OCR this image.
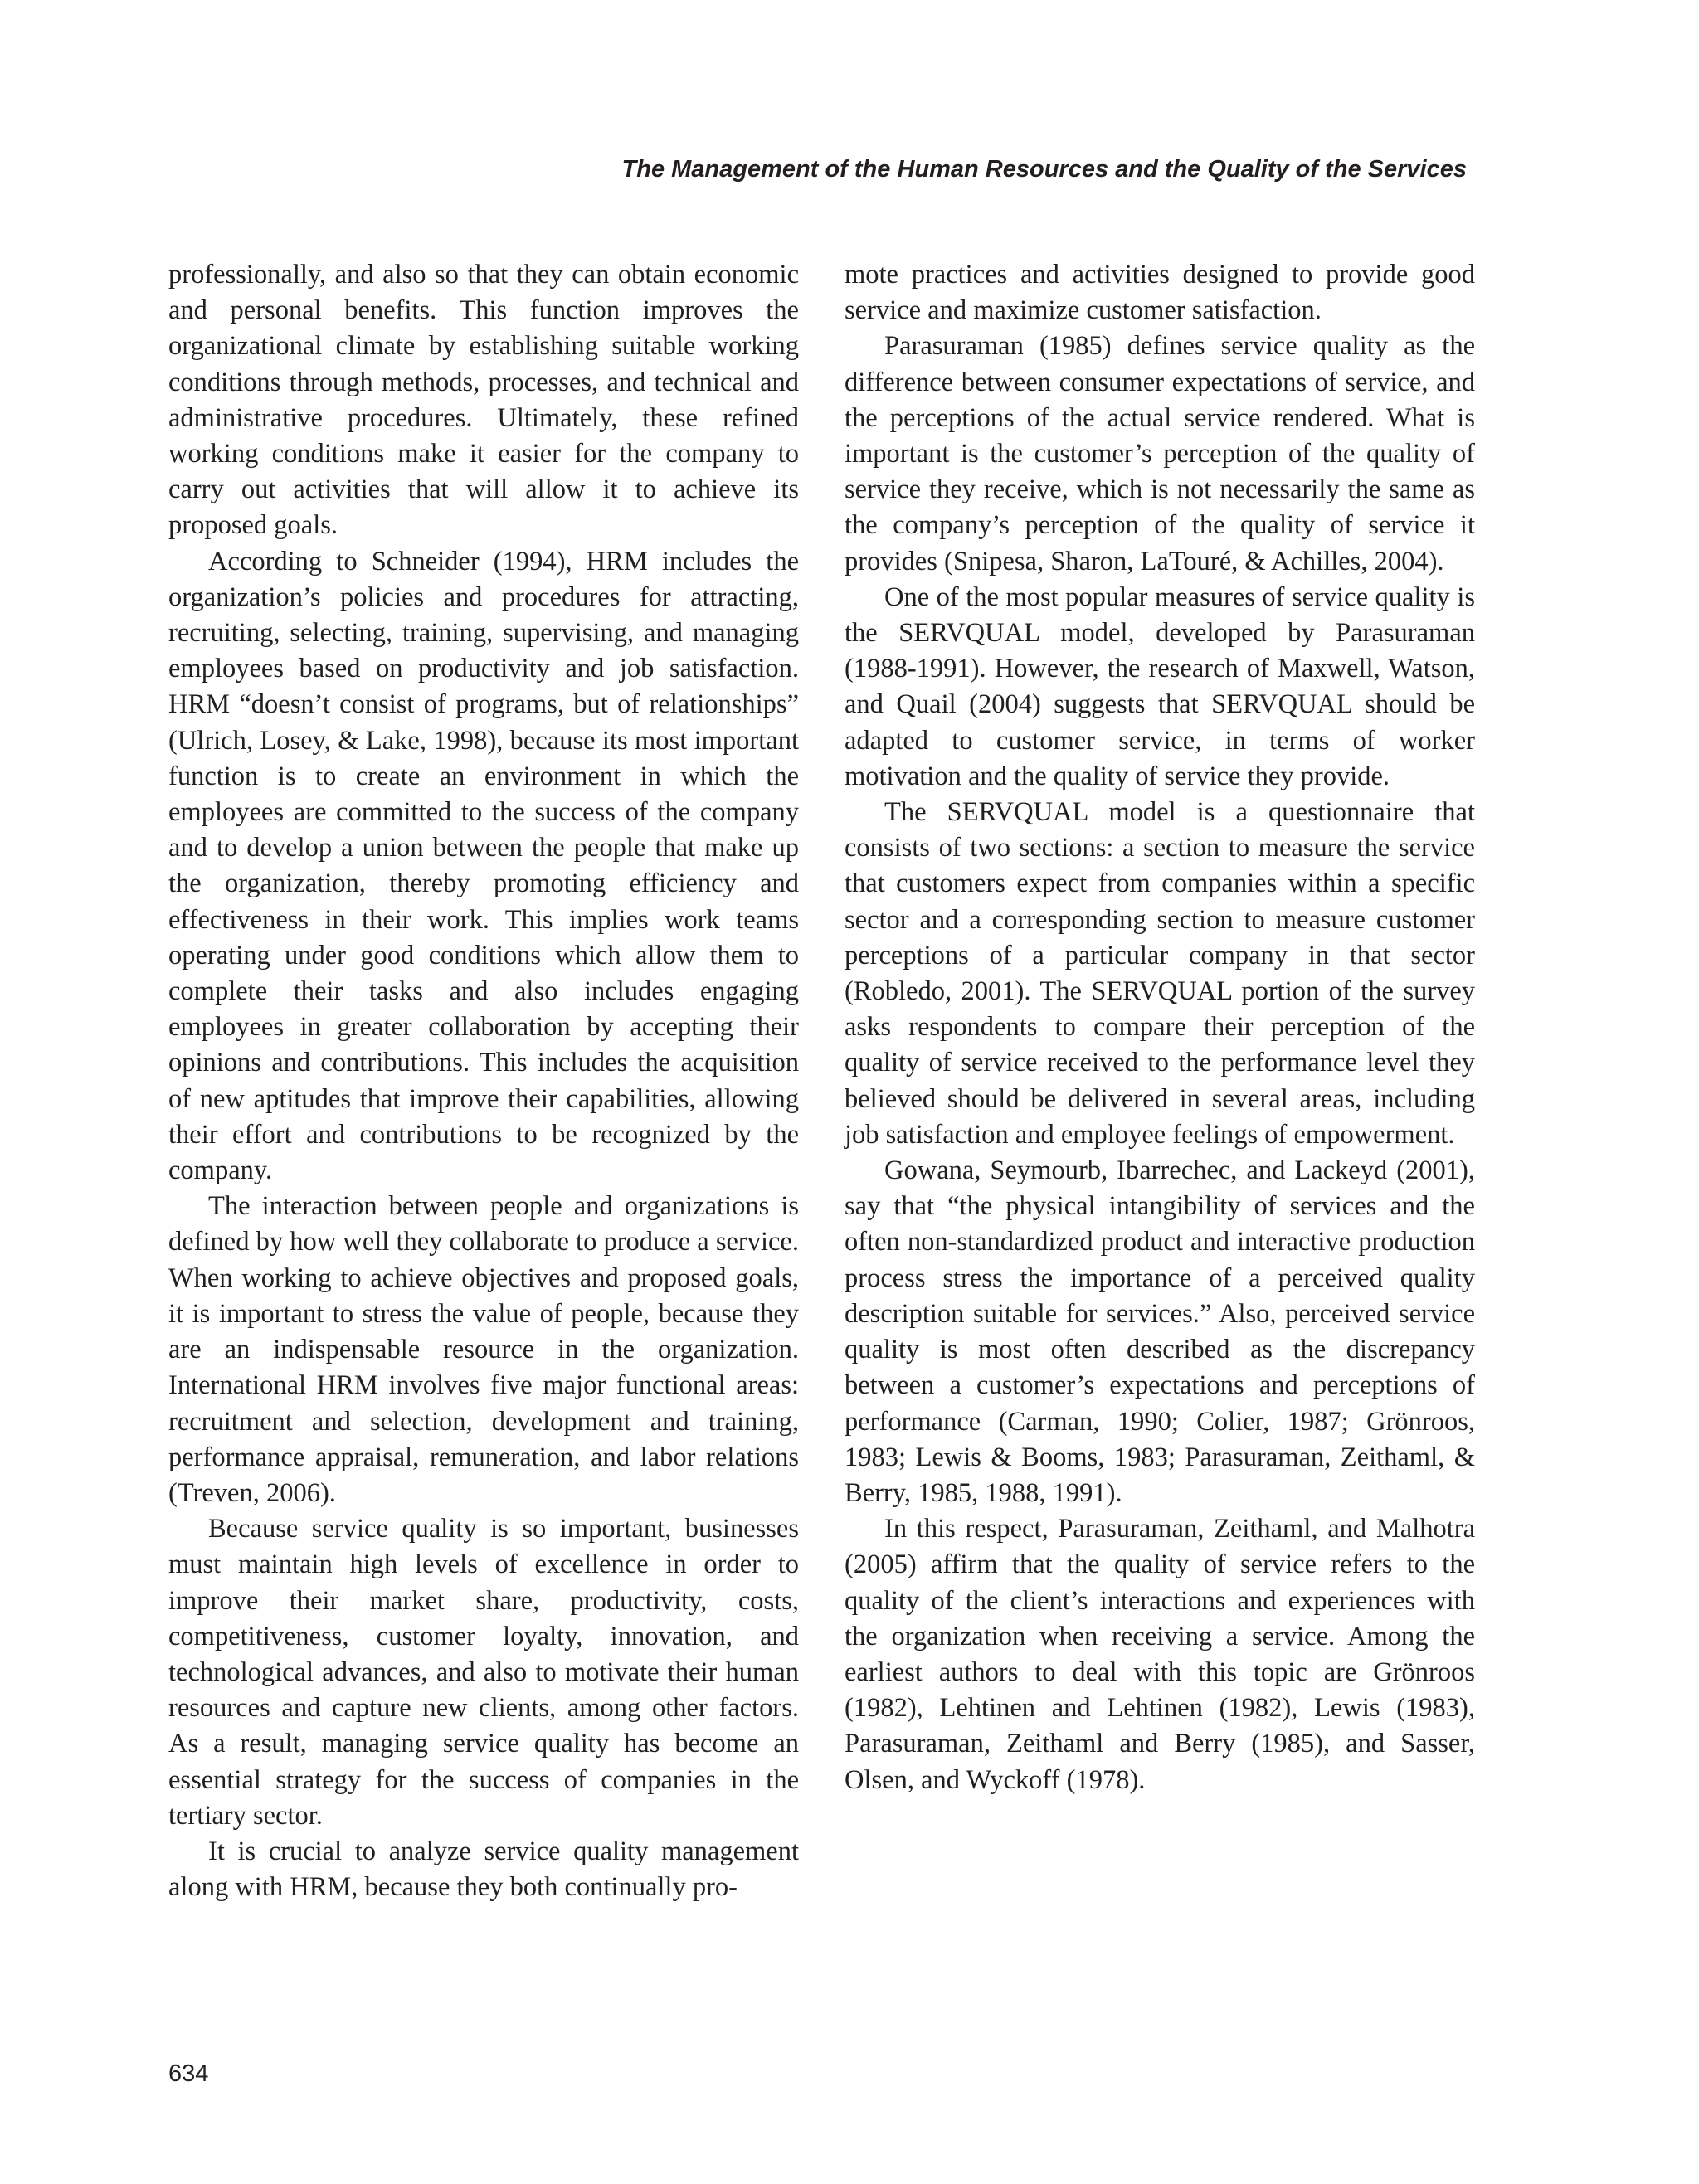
The Management of the Human Resources and the Quality of the Services

professionally, and also so that they can obtain economic and personal benefits. This function improves the organizational climate by establishing suitable working conditions through methods, processes, and technical and administrative procedures. Ultimately, these refined working conditions make it easier for the company to carry out activities that will allow it to achieve its proposed goals.

According to Schneider (1994), HRM includes the organization’s policies and procedures for attracting, recruiting, selecting, training, supervising, and managing employees based on productivity and job satisfaction. HRM “doesn’t consist of programs, but of relationships” (Ulrich, Losey, & Lake, 1998), because its most important function is to create an environment in which the employees are committed to the success of the company and to develop a union between the people that make up the organization, thereby promoting efficiency and effectiveness in their work. This implies work teams operating under good conditions which allow them to complete their tasks and also includes engaging employees in greater collaboration by accepting their opinions and contributions. This includes the acquisition of new aptitudes that improve their capabilities, allowing their effort and contributions to be recognized by the company.

The interaction between people and organizations is defined by how well they collaborate to produce a service. When working to achieve objectives and proposed goals, it is important to stress the value of people, because they are an indispensable resource in the organization. International HRM involves five major functional areas: recruitment and selection, development and training, performance appraisal, remuneration, and labor relations (Treven, 2006).

Because service quality is so important, businesses must maintain high levels of excellence in order to improve their market share, productivity, costs, competitiveness, customer loyalty, innovation, and technological advances, and also to motivate their human resources and capture new clients, among other factors. As a result, managing service quality has become an essential strategy for the success of companies in the tertiary sector.

It is crucial to analyze service quality management along with HRM, because they both continually pro-

mote practices and activities designed to provide good service and maximize customer satisfaction.

Parasuraman (1985) defines service quality as the difference between consumer expectations of service, and the perceptions of the actual service rendered. What is important is the customer’s perception of the quality of service they receive, which is not necessarily the same as the company’s perception of the quality of service it provides (Snipesa, Sharon, LaTouré, & Achilles, 2004).

One of the most popular measures of service quality is the SERVQUAL model, developed by Parasuraman (1988-1991). However, the research of Maxwell, Watson, and Quail (2004) suggests that SERVQUAL should be adapted to customer service, in terms of worker motivation and the quality of service they provide.

The SERVQUAL model is a questionnaire that consists of two sections: a section to measure the service that customers expect from companies within a specific sector and a corresponding section to measure customer perceptions of a particular company in that sector (Robledo, 2001). The SERVQUAL portion of the survey asks respondents to compare their perception of the quality of service received to the performance level they believed should be delivered in several areas, including job satisfaction and employee feelings of empowerment.

Gowana, Seymourb, Ibarrechec, and Lackeyd (2001), say that “the physical intangibility of services and the often non-standardized product and interactive production process stress the importance of a perceived quality description suitable for services.” Also, perceived service quality is most often described as the discrepancy between a customer’s expectations and perceptions of performance (Carman, 1990; Colier, 1987; Grönroos, 1983; Lewis & Booms, 1983; Parasuraman, Zeithaml, & Berry, 1985, 1988, 1991).

In this respect, Parasuraman, Zeithaml, and Malhotra (2005) affirm that the quality of service refers to the quality of the client’s interactions and experiences with the organization when receiving a service. Among the earliest authors to deal with this topic are Grönroos (1982), Lehtinen and Lehtinen (1982), Lewis (1983), Parasuraman, Zeithaml and Berry (1985), and Sasser, Olsen, and Wyckoff (1978).

634
